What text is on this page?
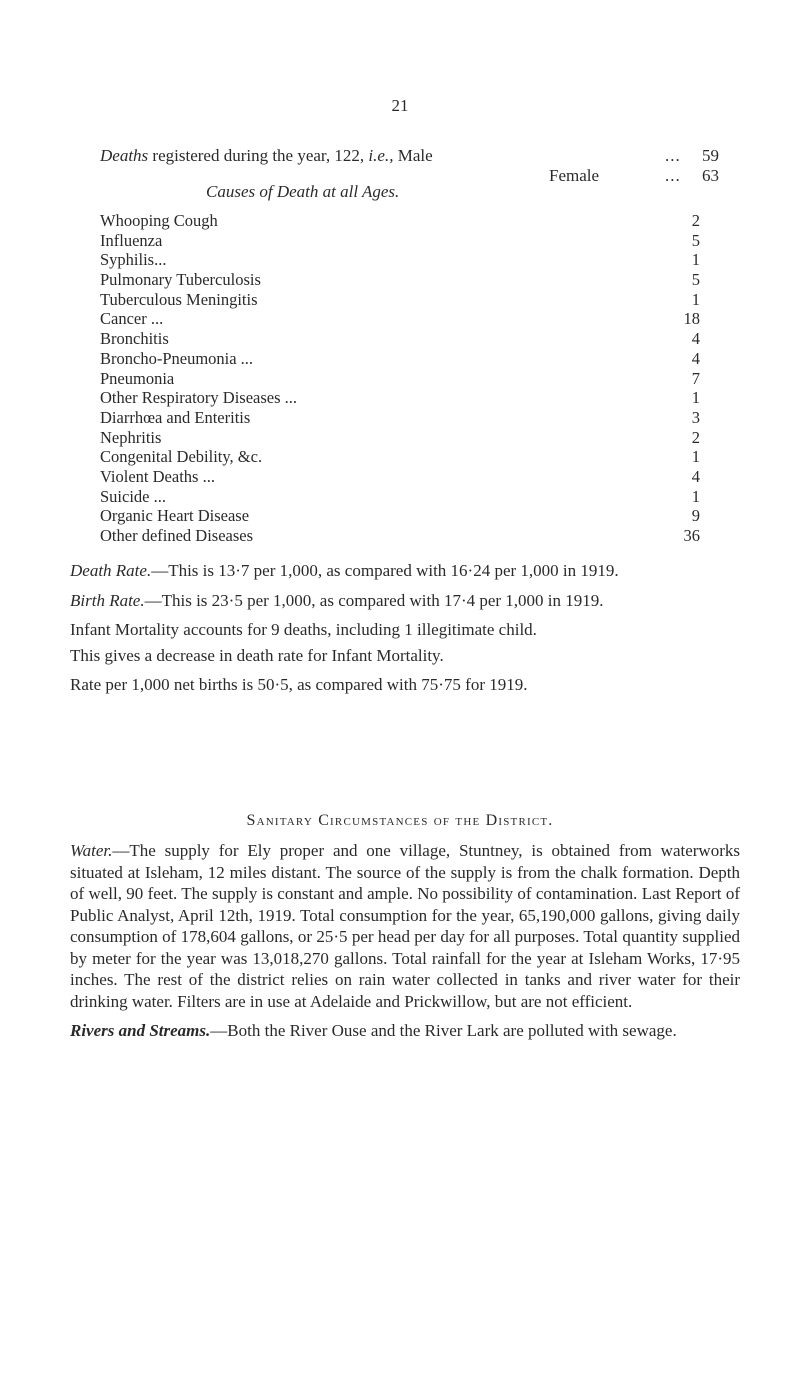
21
Deaths registered during the year, 122, i.e., Male	... 59
Female	... 63
Causes of Death at all Ages.
Whooping Cough	2
Influenza	5
Syphilis...	1
Pulmonary Tuberculosis	5
Tuberculous Meningitis	1
Cancer ...	18
Bronchitis	4
Broncho-Pneumonia ...	4
Pneumonia	7
Other Respiratory Diseases ...	1
Diarrhœa and Enteritis	3
Nephritis	2
Congenital Debility, &c.	1
Violent Deaths ...	4
Suicide ...	1
Organic Heart Disease	9
Other defined Diseases	36

Death Rate.—This is 13·7 per 1,000, as compared with 16·24 per 1,000 in 1919.

Birth Rate.—This is 23·5 per 1,000, as compared with 17·4 per 1,000 in 1919.

Infant Mortality accounts for 9 deaths, including 1 illegitimate child.

This gives a decrease in death rate for Infant Mortality.

Rate per 1,000 net births is 50·5, as compared with 75·75 for 1919.

Sanitary Circumstances of the District.

Water.—The supply for Ely proper and one village, Stuntney, is obtained from waterworks situated at Isleham, 12 miles distant. The source of the supply is from the chalk formation. Depth of well, 90 feet. The supply is constant and ample. No possibility of contamination. Last Report of Public Analyst, April 12th, 1919. Total consumption for the year, 65,190,000 gallons, giving daily consumption of 178,604 gallons, or 25·5 per head per day for all purposes. Total quantity supplied by meter for the year was 13,018,270 gallons. Total rainfall for the year at Isleham Works, 17·95 inches. The rest of the district relies on rain water collected in tanks and river water for their drinking water. Filters are in use at Adelaide and Prickwillow, but are not efficient.

Rivers and Streams.—Both the River Ouse and the River Lark are polluted with sewage.
